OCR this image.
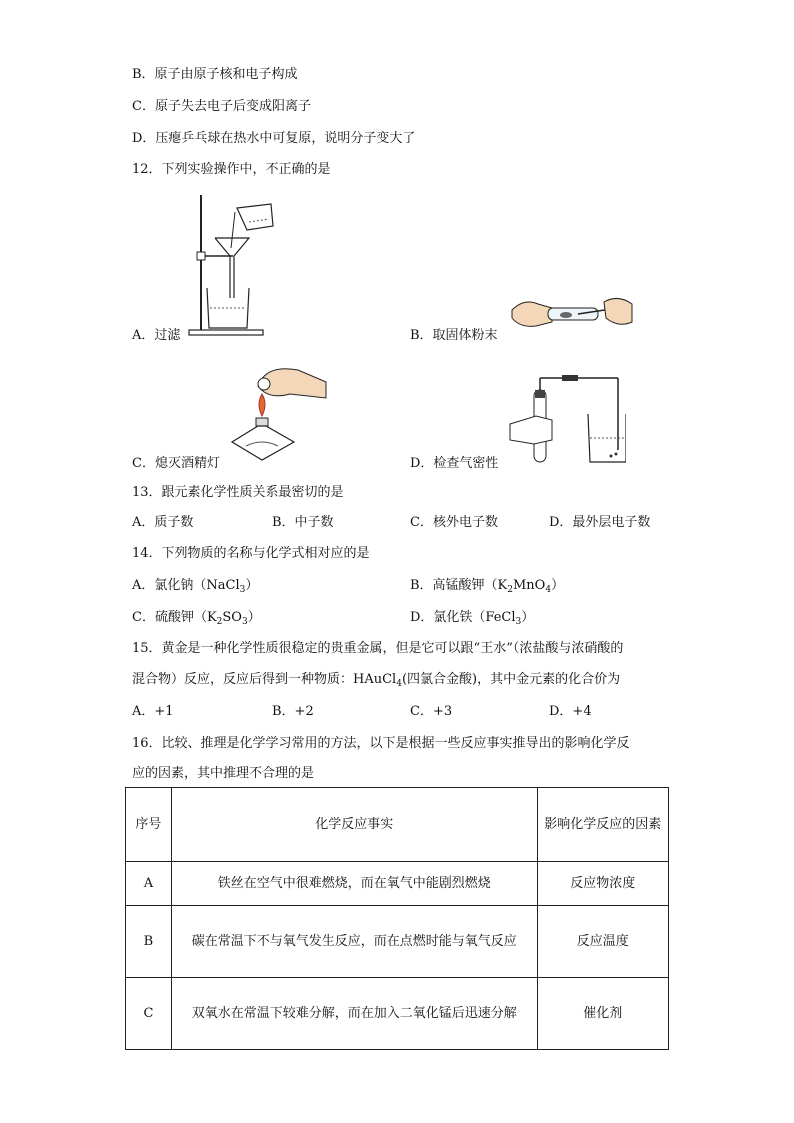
B．原子由原子核和电子构成
C．原子失去电子后变成阳离子
D．压瘪乒乓球在热水中可复原，说明分子变大了
12．下列实验操作中，不正确的是
A．过滤	B．取固体粉末
C．熄灭酒精灯	D．检查气密性
13．跟元素化学性质关系最密切的是
A．质子数	B．中子数	C．核外电子数	D．最外层电子数
14．下列物质的名称与化学式相对应的是
A．氯化钠（NaCl$_3$）	B．高锰酸钾$(K_2MnO_4)$
C．硫酸钾$(K_2SO_3)$	D．氯化铁（FeCl$_3$）
15．黄金是一种化学性质很稳定的贵重金属，但是它可以跟“王水”（浓盐酸与浓硝酸的
混合物）反应，反应后得到一种物质：HAuCl$_4$(四氯合金酸)，其中金元素的化合价为
A．+1	B．+2	C．+3	D．+4
16．比较、推理是化学学习常用的方法，以下是根据一些反应事实推导出的影响化学反
应的因素，其中推理不合理的是
序号	化学反应事实	影响化学反应的因素
A	铁丝在空气中很难燃烧，而在氧气中能剧烈燃烧	反应物浓度
B	碳在常温下不与氧气发生反应，而在点燃时能与氧气反应	反应温度
C	双氧水在常温下较难分解，而在加入二氧化锰后迅速分解	催化剂
